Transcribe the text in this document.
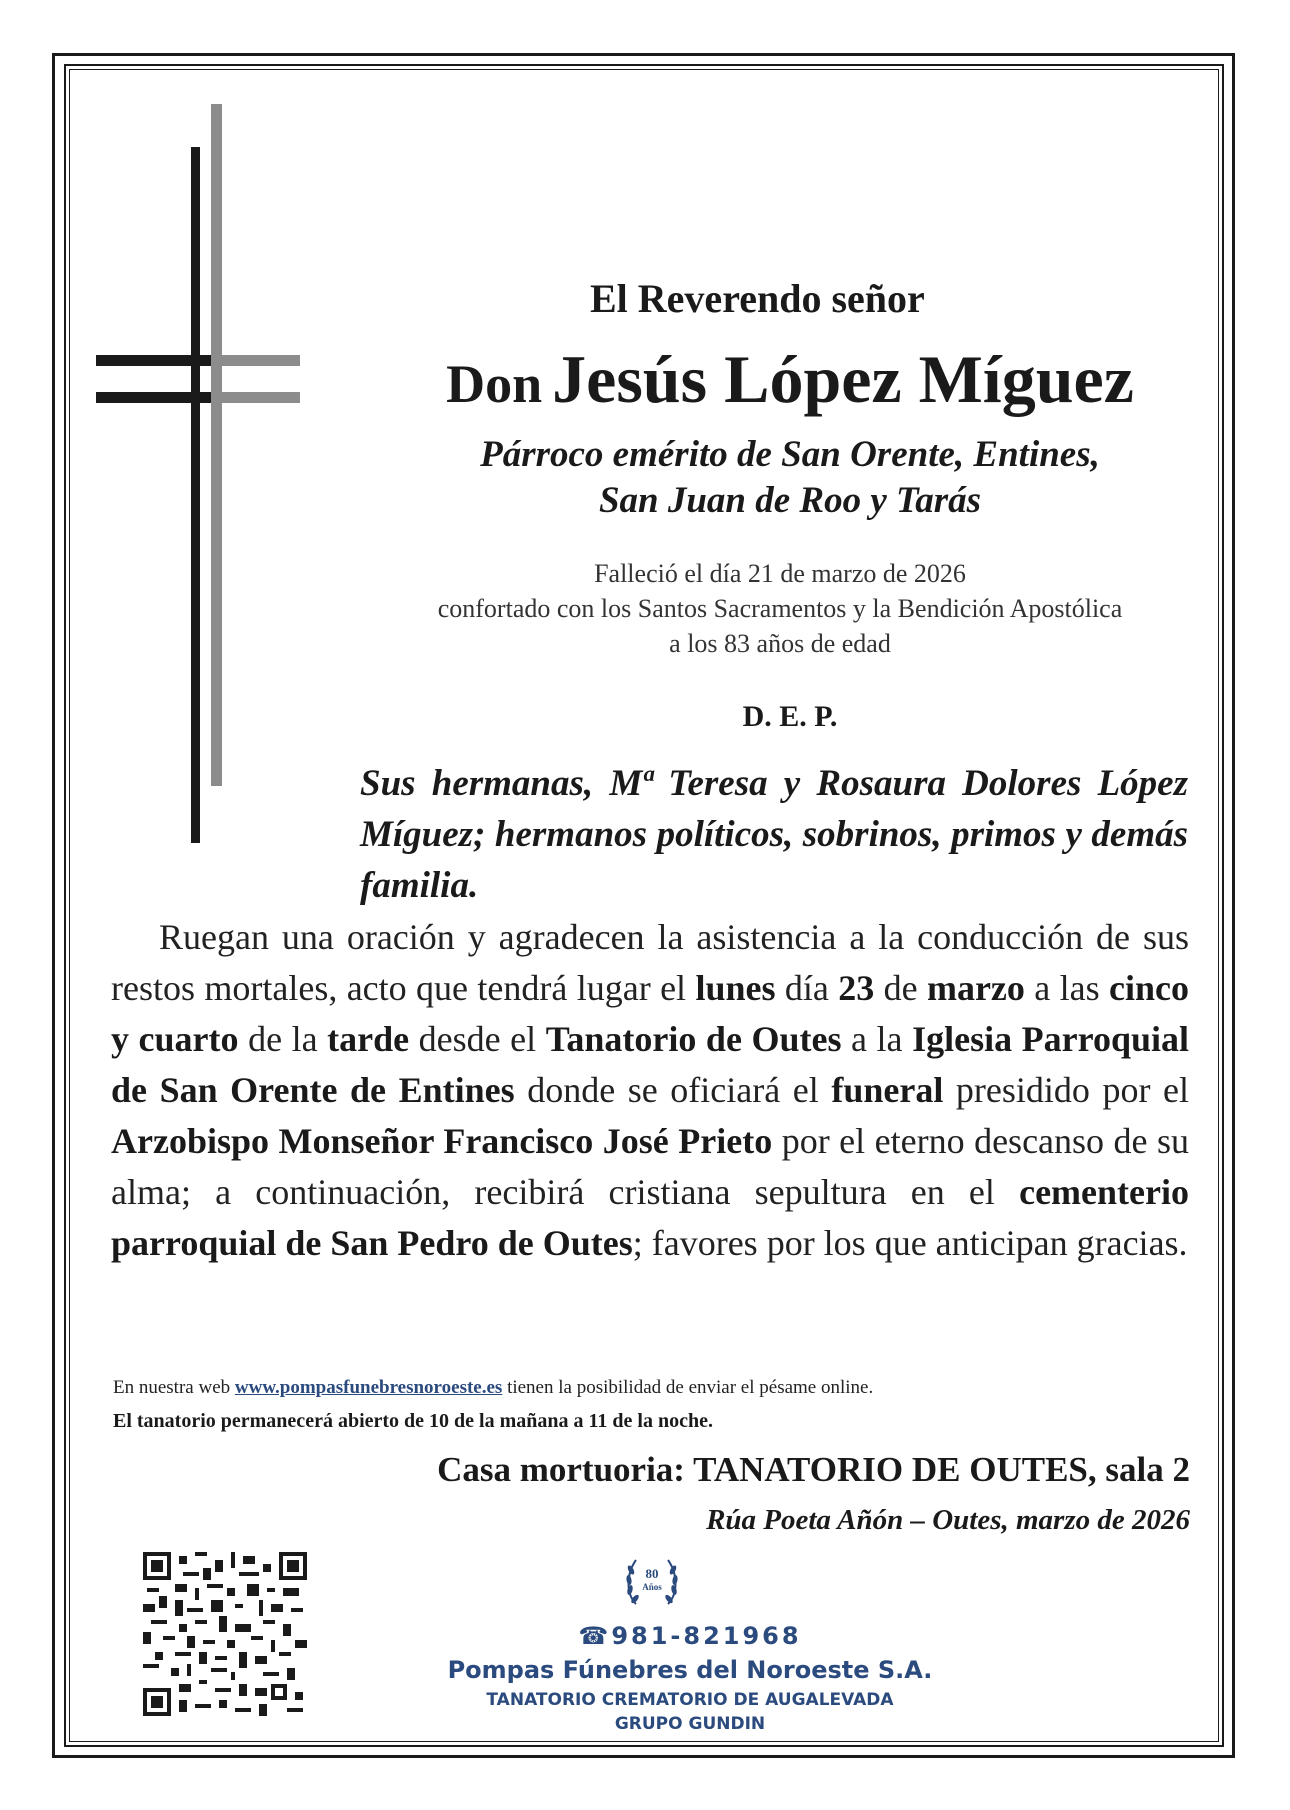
El Reverendo señor
Don Jesús López Míguez
Párroco emérito de San Orente, Entines,
San Juan de Roo y Tarás
Falleció el día 21 de marzo de 2026
confortado con los Santos Sacramentos y la Bendición Apostólica
a los 83 años de edad
D. E. P.
Sus hermanas, Mª Teresa y Rosaura Dolores López Míguez; hermanos políticos, sobrinos, primos y demás familia.
Ruegan una oración y agradecen la asistencia a la conducción de sus restos mortales, acto que tendrá lugar el lunes día 23 de marzo a las cinco y cuarto de la tarde desde el Tanatorio de Outes a la Iglesia Parroquial de San Orente de Entines donde se oficiará el funeral presidido por el Arzobispo Monseñor Francisco José Prieto por el eterno descanso de su alma; a continuación, recibirá cristiana sepultura en el cementerio parroquial de San Pedro de Outes; favores por los que anticipan gracias.
En nuestra web www.pompasfunebresnoroeste.es tienen la posibilidad de enviar el pésame online.
El tanatorio permanecerá abierto de 10 de la mañana a 11 de la noche.
Casa mortuoria: TANATORIO DE OUTES, sala 2
Rúa Poeta Añón – Outes, marzo de 2026
80
Años
☎981-821968
Pompas Fúnebres del Noroeste S.A.
TANATORIO CREMATORIO DE AUGALEVADA
GRUPO GUNDIN
